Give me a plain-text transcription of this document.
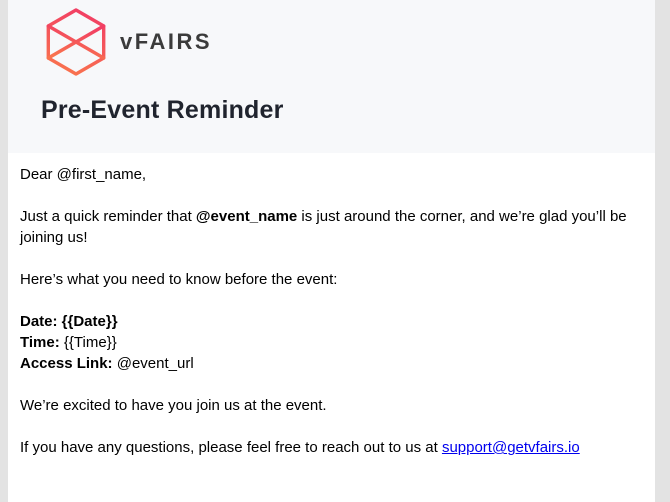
vFAIRS
Pre-Event Reminder

Dear @first_name,

Just a quick reminder that @event_name is just around the corner, and we’re glad you’ll be joining us!

Here’s what you need to know before the event:

Date: {{Date}}
Time: {{Time}}
Access Link: @event_url

We’re excited to have you join us at the event.

If you have any questions, please feel free to reach out to us at support@getvfairs.io
